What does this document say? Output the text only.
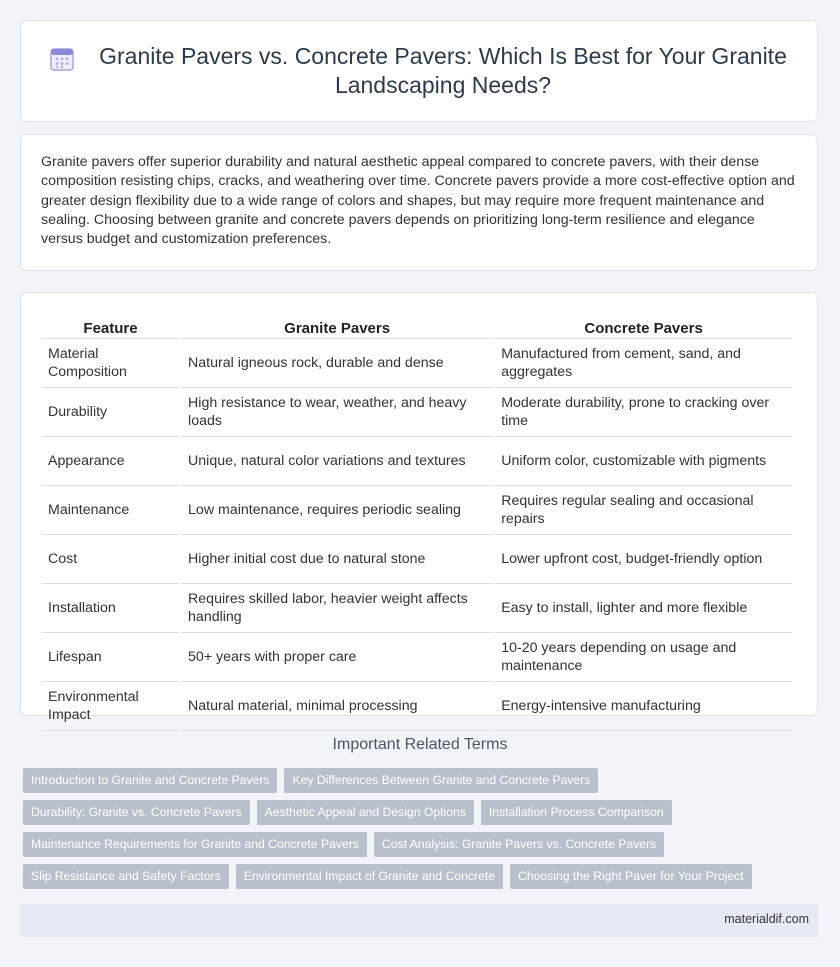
Granite Pavers vs. Concrete Pavers: Which Is Best for Your Granite Landscaping Needs?

Granite pavers offer superior durability and natural aesthetic appeal compared to concrete pavers, with their dense composition resisting chips, cracks, and weathering over time. Concrete pavers provide a more cost-effective option and greater design flexibility due to a wide range of colors and shapes, but may require more frequent maintenance and sealing. Choosing between granite and concrete pavers depends on prioritizing long-term resilience and elegance versus budget and customization preferences.

Feature	Granite Pavers	Concrete Pavers
Material Composition	Natural igneous rock, durable and dense	Manufactured from cement, sand, and aggregates
Durability	High resistance to wear, weather, and heavy loads	Moderate durability, prone to cracking over time
Appearance	Unique, natural color variations and textures	Uniform color, customizable with pigments
Maintenance	Low maintenance, requires periodic sealing	Requires regular sealing and occasional repairs
Cost	Higher initial cost due to natural stone	Lower upfront cost, budget-friendly option
Installation	Requires skilled labor, heavier weight affects handling	Easy to install, lighter and more flexible
Lifespan	50+ years with proper care	10-20 years depending on usage and maintenance
Environmental Impact	Natural material, minimal processing	Energy-intensive manufacturing
Important Related Terms
Introduction to Granite and Concrete Pavers	Key Differences Between Granite and Concrete Pavers
Durability: Granite vs. Concrete Pavers	Aesthetic Appeal and Design Options	Installation Process Comparison
Maintenance Requirements for Granite and Concrete Pavers	Cost Analysis: Granite Pavers vs. Concrete Pavers
Slip Resistance and Safety Factors	Environmental Impact of Granite and Concrete	Choosing the Right Paver for Your Project
materialdif.com
